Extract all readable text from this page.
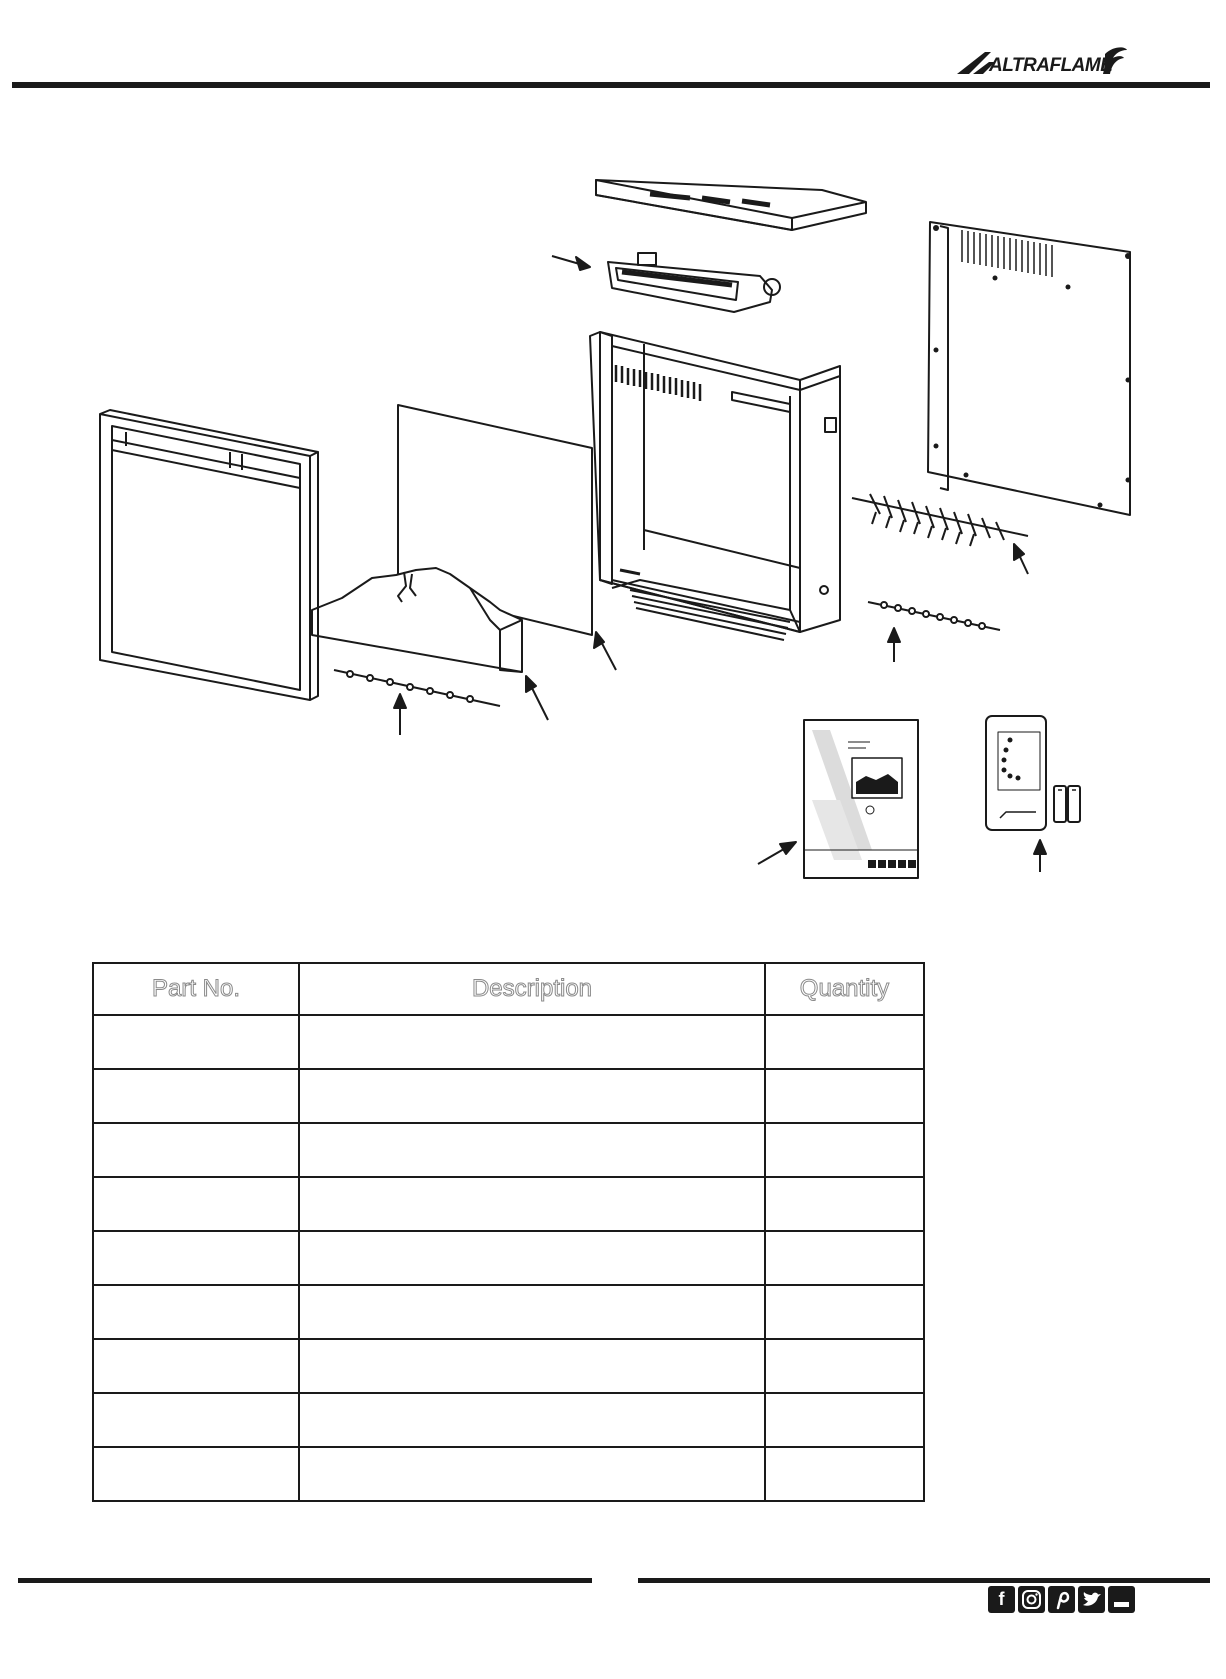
ALTRAFLAME
Part No.	Description	Quantity

f
